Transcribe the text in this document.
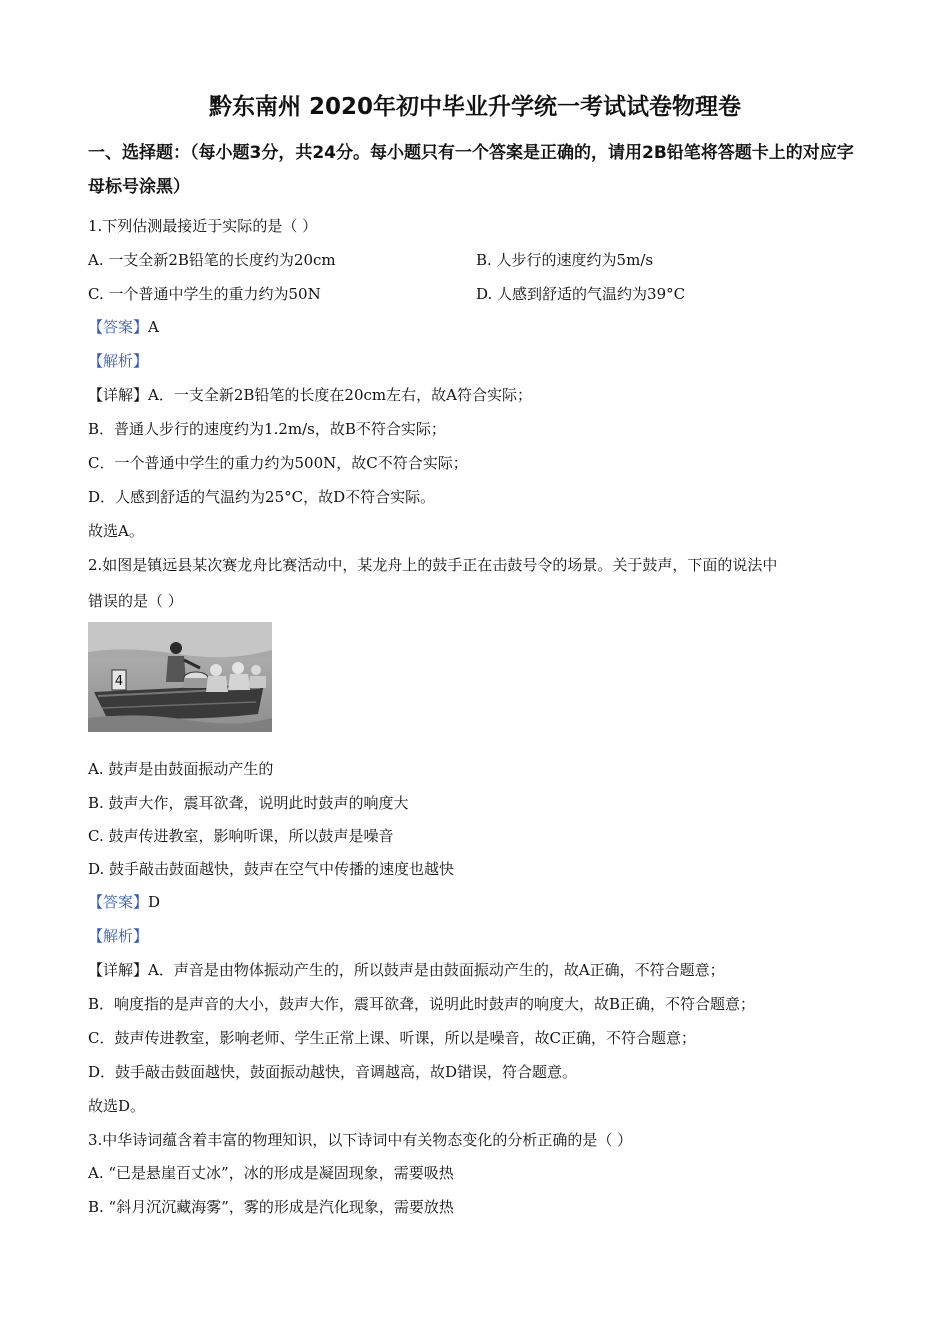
黔东南州 2020年初中毕业升学统一考试试卷物理卷
一、选择题：（每小题3分，共24分。每小题只有一个答案是正确的，请用2B铅笔将答题卡上的对应字母标号涂黑）
1.下列估测最接近于实际的是（ ）
A. 一支全新2B铅笔的长度约为20cm	B. 人步行的速度约为5m/s
C. 一个普通中学生的重力约为50N	D. 人感到舒适的气温约为39°C
【答案】A
【解析】
【详解】A．一支全新2B铅笔的长度在20cm左右，故A符合实际；
B．普通人步行的速度约为1.2m/s，故B不符合实际；
C．一个普通中学生的重力约为500N，故C不符合实际；
D．人感到舒适的气温约为25°C，故D不符合实际。
故选A。
2.如图是镇远县某次赛龙舟比赛活动中，某龙舟上的鼓手正在击鼓号令的场景。关于鼓声，下面的说法中
错误的是（ ）
4
A. 鼓声是由鼓面振动产生的
B. 鼓声大作，震耳欲聋，说明此时鼓声的响度大
C. 鼓声传进教室，影响听课，所以鼓声是噪音
D. 鼓手敲击鼓面越快，鼓声在空气中传播的速度也越快
【答案】D
【解析】
【详解】A．声音是由物体振动产生的，所以鼓声是由鼓面振动产生的，故A正确，不符合题意；
B．响度指的是声音的大小，鼓声大作，震耳欲聋，说明此时鼓声的响度大，故B正确，不符合题意；
C．鼓声传进教室，影响老师、学生正常上课、听课，所以是噪音，故C正确，不符合题意；
D．鼓手敲击鼓面越快，鼓面振动越快，音调越高，故D错误，符合题意。
故选D。
3.中华诗词蕴含着丰富的物理知识，以下诗词中有关物态变化的分析正确的是（ ）
A. “已是悬崖百丈冰”，冰的形成是凝固现象，需要吸热
B. “斜月沉沉藏海雾”，雾的形成是汽化现象，需要放热
